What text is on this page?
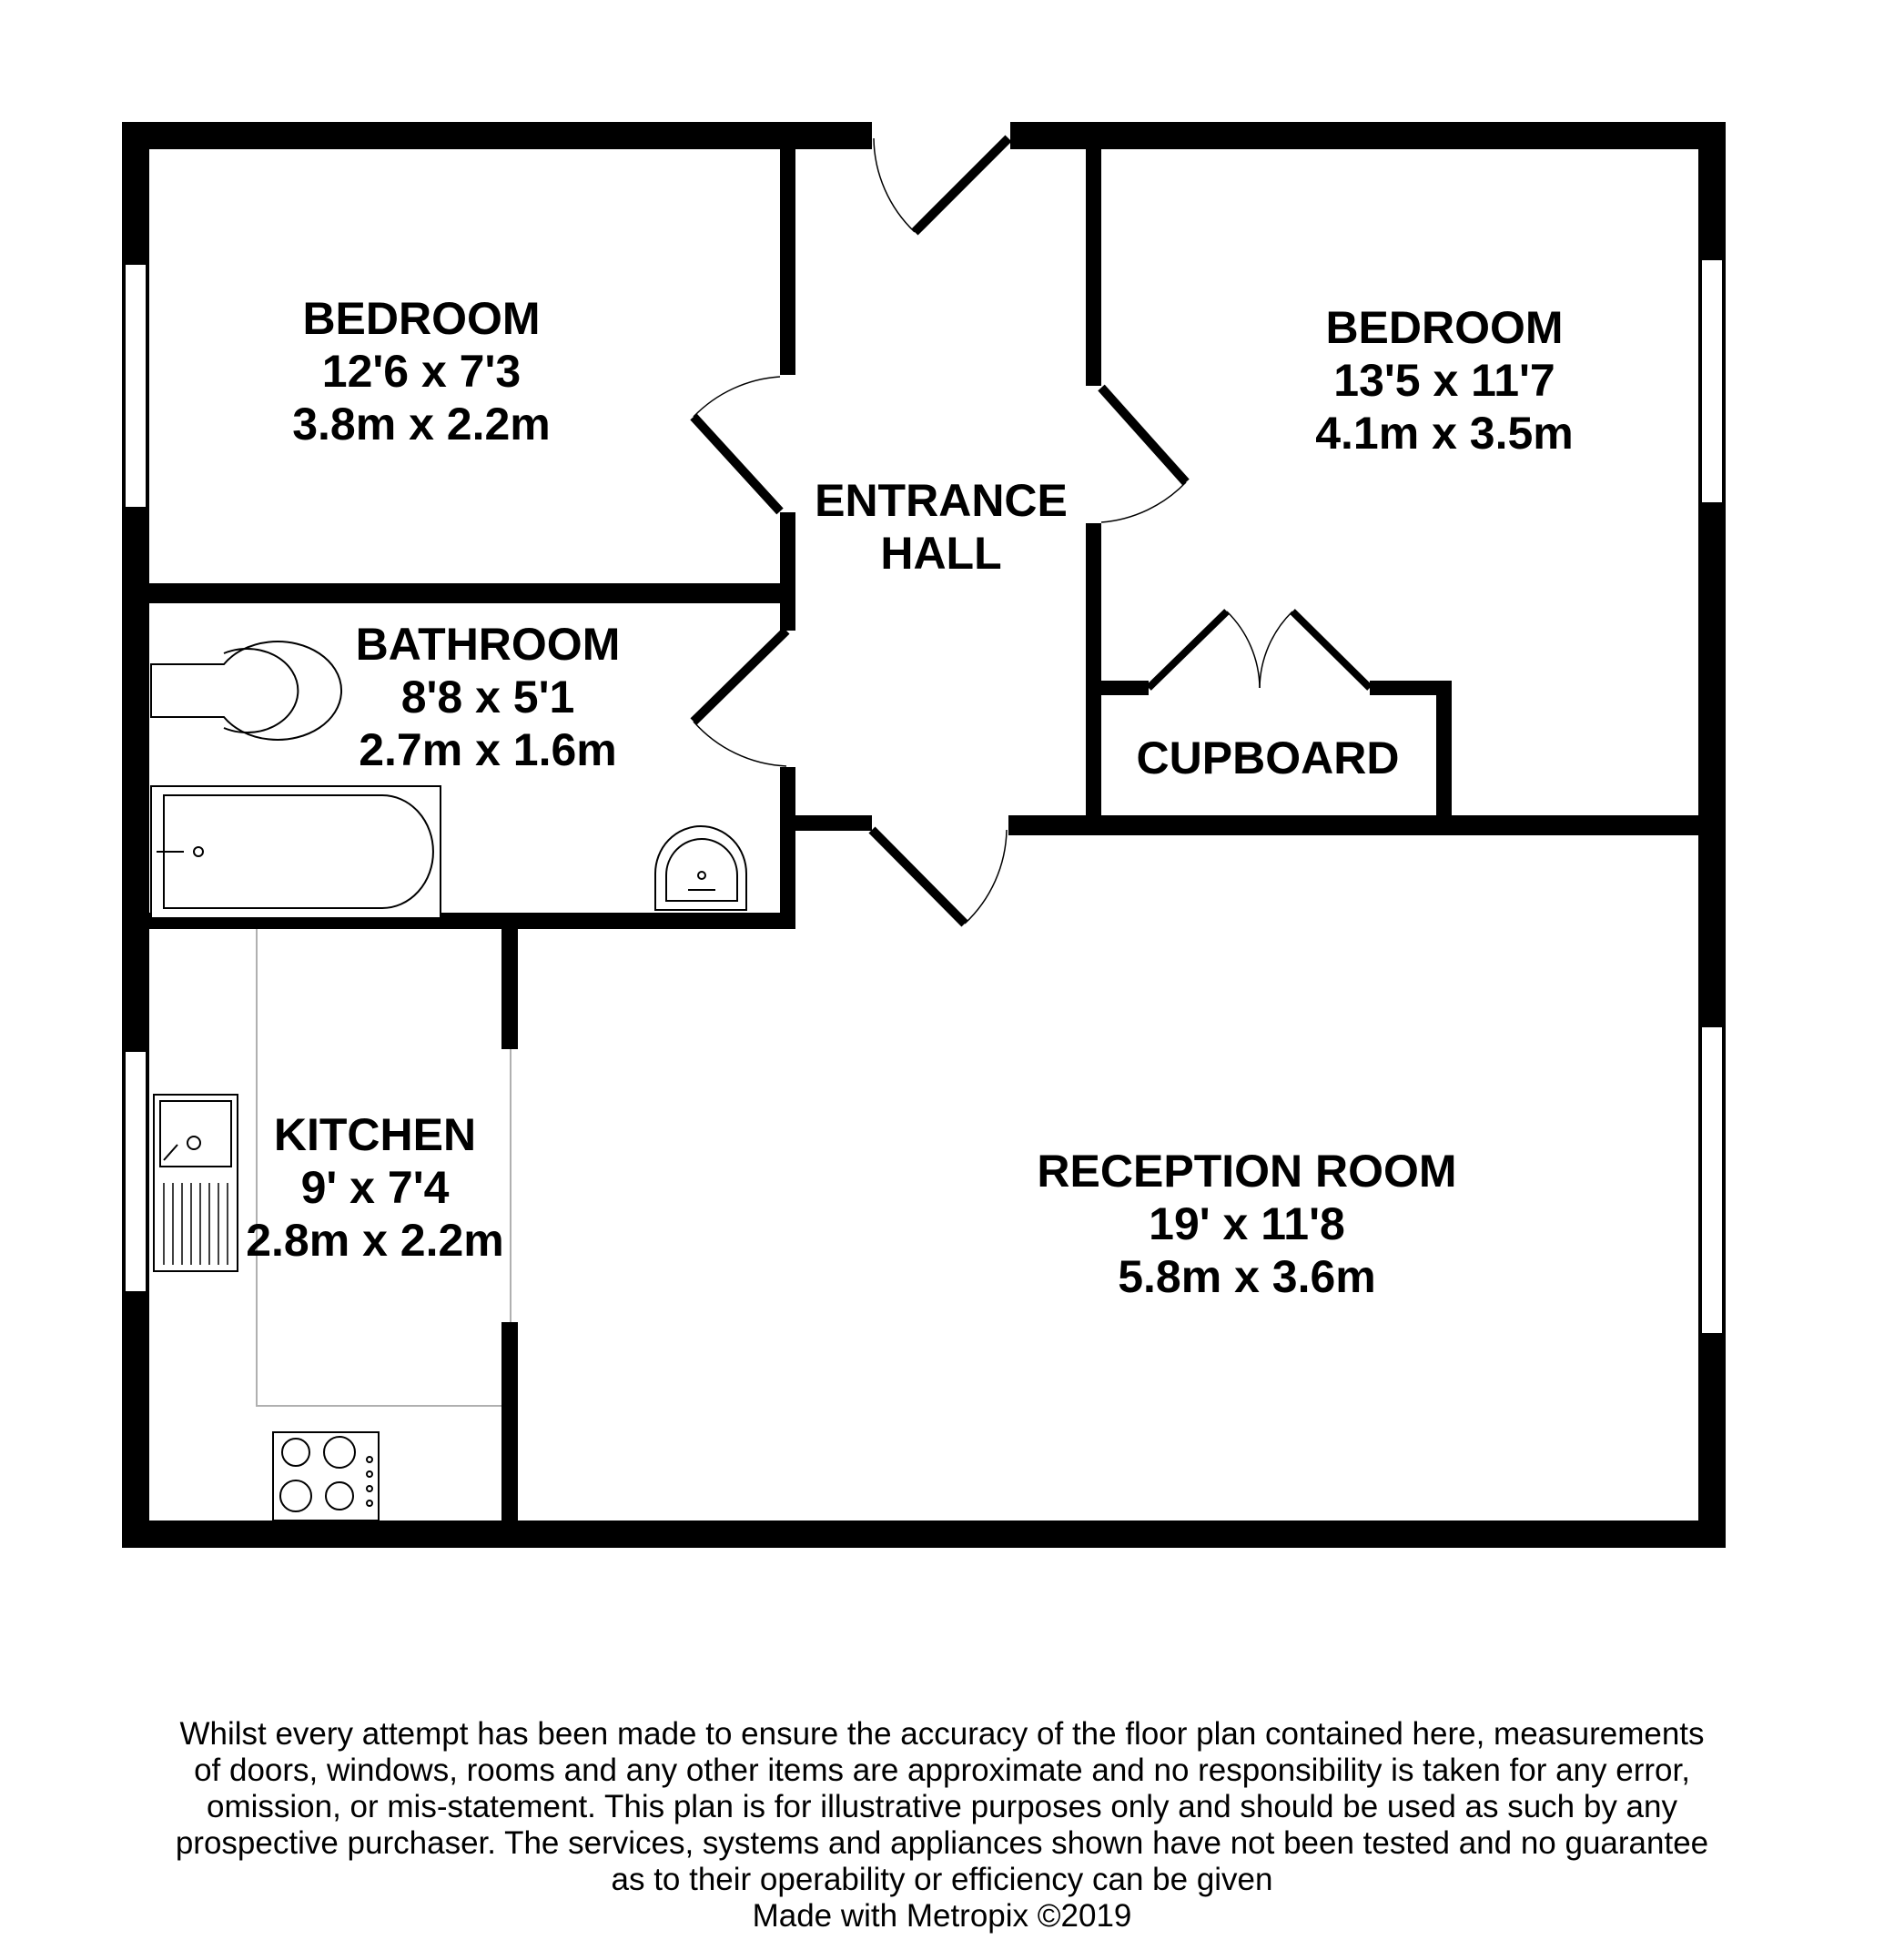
BEDROOM
12'6 x 7'3
3.8m x 2.2m
BEDROOM
13'5 x 11'7
4.1m x 3.5m
ENTRANCE
HALL
BATHROOM
8'8 x 5'1
2.7m x 1.6m	CUPBOARD
KITCHEN
9' x 7'4
2.8m x 2.2m
RECEPTION ROOM
19' x 11'8
5.8m x 3.6m
Whilst every attempt has been made to ensure the accuracy of the floor plan contained here, measurements
of doors, windows, rooms and any other items are approximate and no responsibility is taken for any error,
omission, or mis-statement. This plan is for illustrative purposes only and should be used as such by any
prospective purchaser. The services, systems and appliances shown have not been tested and no guarantee
as to their operability or efficiency can be given
Made with Metropix ©2019
